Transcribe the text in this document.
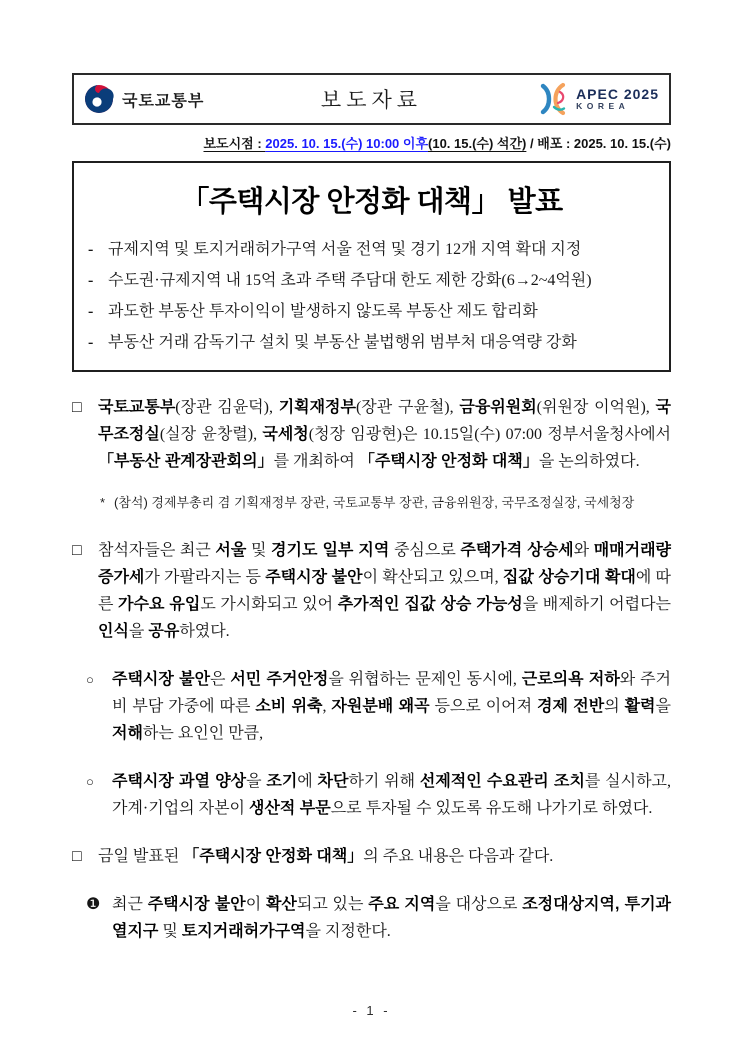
국토교통부	보도자료	APEC 2025
KOREA
보도시점 : 2025. 10. 15.(수) 10:00 이후(10. 15.(수) 석간) / 배포 : 2025. 10. 15.(수)
「주택시장 안정화 대책」 발표
- 규제지역 및 토지거래허가구역 서울 전역 및 경기 12개 지역 확대 지정
- 수도권·규제지역 내 15억 초과 주택 주담대 한도 제한 강화(6→2~4억원)
- 과도한 부동산 투자이익이 발생하지 않도록 부동산 제도 합리화
- 부동산 거래 감독기구 설치 및 부동산 불법행위 범부처 대응역량 강화
□ 국토교통부(장관 김윤덕), 기획재정부(장관 구윤철), 금융위원회(위원장 이억원), 국무조정실(실장 윤창렬), 국세청(청장 임광현)은 10.15일(수) 07:00 정부서울청사에서 「부동산 관계장관회의」를 개최하여 「주택시장 안정화 대책」을 논의하였다.
* (참석) 경제부총리 겸 기획재정부 장관, 국토교통부 장관, 금융위원장, 국무조정실장, 국세청장
□ 참석자들은 최근 서울 및 경기도 일부 지역 중심으로 주택가격 상승세와 매매거래량 증가세가 가팔라지는 등 주택시장 불안이 확산되고 있으며, 집값 상승기대 확대에 따른 가수요 유입도 가시화되고 있어 추가적인 집값 상승 가능성을 배제하기 어렵다는 인식을 공유하였다.
○ 주택시장 불안은 서민 주거안정을 위협하는 문제인 동시에, 근로의욕 저하와 주거비 부담 가중에 따른 소비 위축, 자원분배 왜곡 등으로 이어져 경제 전반의 활력을 저해하는 요인인 만큼,
○ 주택시장 과열 양상을 조기에 차단하기 위해 선제적인 수요관리 조치를 실시하고, 가계·기업의 자본이 생산적 부문으로 투자될 수 있도록 유도해 나가기로 하였다.
□ 금일 발표된 「주택시장 안정화 대책」의 주요 내용은 다음과 같다.
❶ 최근 주택시장 불안이 확산되고 있는 주요 지역을 대상으로 조정대상지역, 투기과열지구 및 토지거래허가구역을 지정한다.
- 1 -
